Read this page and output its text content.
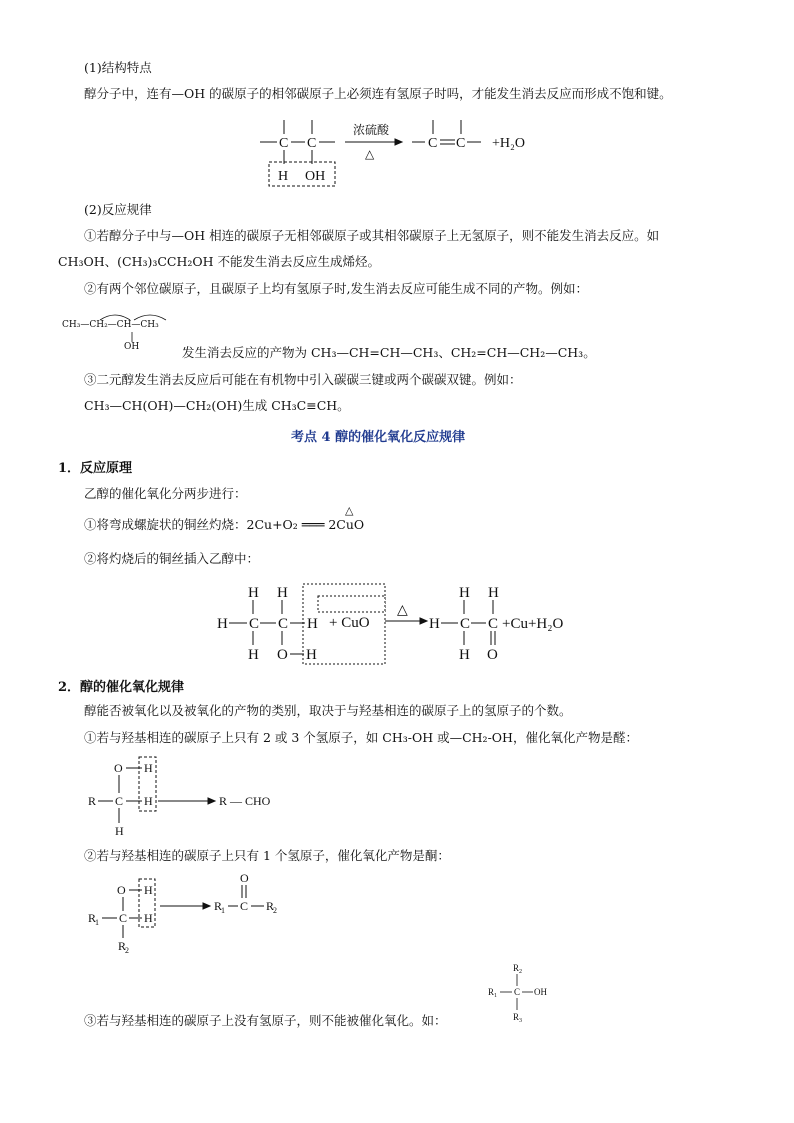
(1)结构特点
醇分子中，连有—OH 的碳原子的相邻碳原子上必须连有氢原子时吗，才能发生消去反应而形成不饱和键。
C C	C C
浓硫酸
△
H OH
+H₂O
(2)反应规律
①若醇分子中与—OH 相连的碳原子无相邻碳原子或其相邻碳原子上无氢原子，则不能发生消去反应。如
CH₃OH、(CH₃)₃CCH₂OH 不能发生消去反应生成烯烃。
②有两个邻位碳原子，且碳原子上均有氢原子时,发生消去反应可能生成不同的产物。例如：
CH₃—CH₂—CH—CH₃
OH	发生消去反应的产物为 CH₃—CH=CH—CH₃、CH₂=CH—CH₂—CH₃。
③二元醇发生消去反应后可能在有机物中引入碳碳三键或两个碳碳双键。例如：
CH₃—CH(OH)—CH₂(OH)生成 CH₃C≡CH。
考点 4 醇的催化氧化反应规律
1．反应原理
乙醇的催化氧化分两步进行：
①将弯成螺旋状的铜丝灼烧：2Cu+O₂ ═══ 2CuO
△
②将灼烧后的铜丝插入乙醇中：
H H
H C C H
H O H
H
H H
C C
H O
+ CuO
△
+Cu+H₂O
2．醇的催化氧化规律
醇能否被氧化以及被氧化的产物的类别，取决于与羟基相连的碳原子上的氢原子的个数。
①若与羟基相连的碳原子上只有 2 或 3 个氢原子，如 CH₃-OH 或—CH₂-OH，催化氧化产物是醛：
O H
R C H
H
R — CHO
②若与羟基相连的碳原子上只有 1 个氢原子，催化氧化产物是酮：
O H
R
1 C H
R
2
O
R
1 C R
2
R 2
R 1 C OH
R 3
③若与羟基相连的碳原子上没有氢原子，则不能被催化氧化。如：
